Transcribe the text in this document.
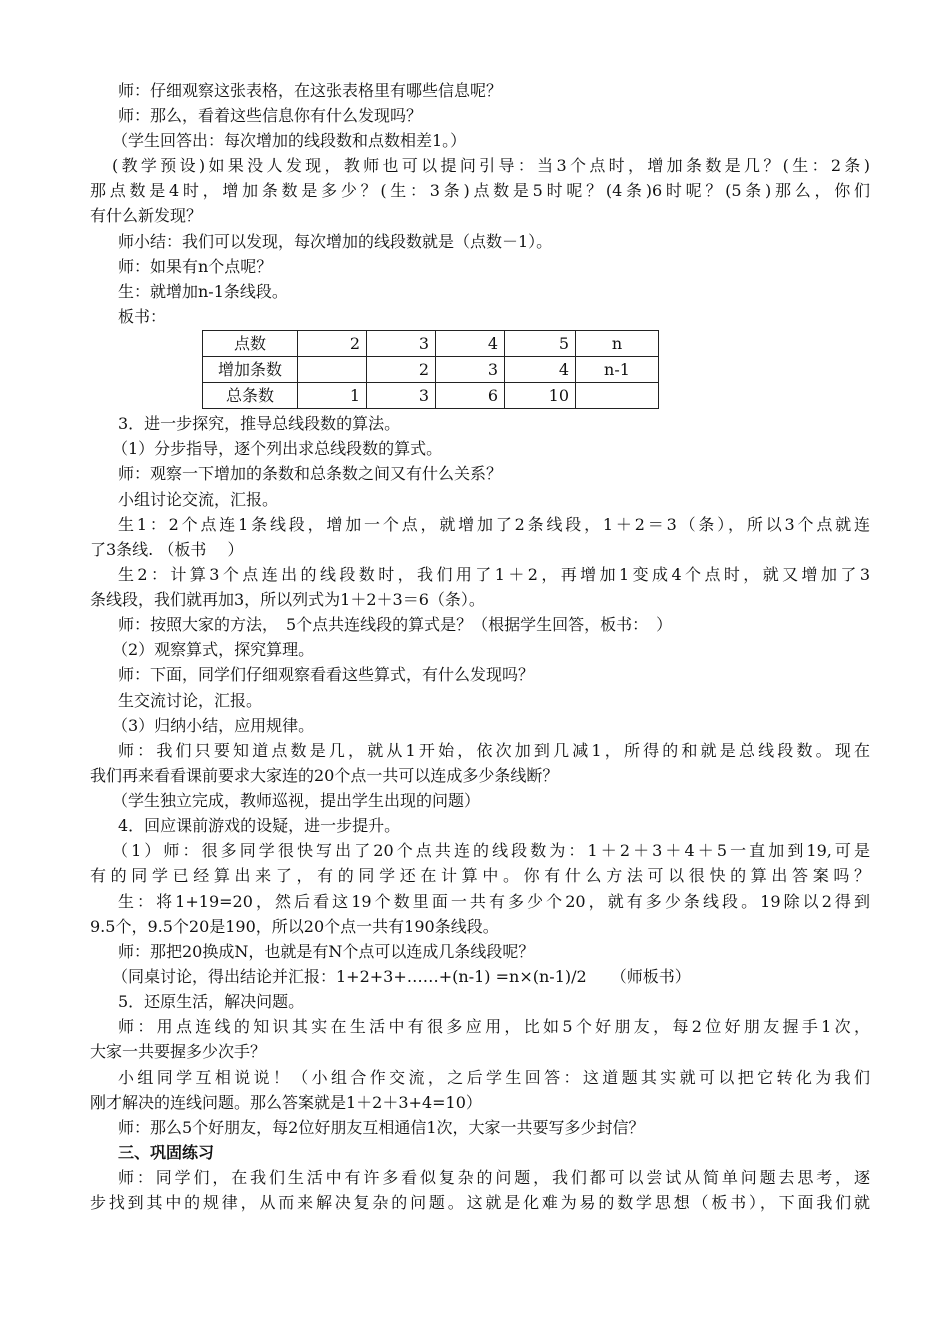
师：仔细观察这张表格，在这张表格里有哪些信息呢？
师：那么，看着这些信息你有什么发现吗？
（学生回答出：每次增加的线段数和点数相差1。）
(教学预设)如果没人发现，教师也可以提问引导：当3个点时，增加条数是几？(生：2条)
那点数是4时，增加条数是多少？(生：3条)点数是5时呢？(4条)6时呢？(5条)那么，你们
有什么新发现？
师小结：我们可以发现，每次增加的线段数就是（点数－1）。
师：如果有n个点呢？
生：就增加n-1条线段。
板书：
点数	2	3	4	5	n
增加条数		2	3	4	n-1
总条数	1	3	6	10	
3．进一步探究，推导总线段数的算法。
（1）分步指导，逐个列出求总线段数的算式。
师：观察一下增加的条数和总条数之间又有什么关系？
小组讨论交流，汇报。
生1：2个点连1条线段，增加一个点，就增加了2条线段，1＋2＝3（条），所以3个点就连
了3条线. （板书　 ）
生2：计算3个点连出的线段数时，我们用了1＋2，再增加1变成4个点时，就又增加了3
条线段，我们就再加3，所以列式为1＋2＋3＝6（条）。
师：按照大家的方法，　5个点共连线段的算式是？（根据学生回答，板书：　）
（2）观察算式，探究算理。
师：下面，同学们仔细观察看看这些算式，有什么发现吗？
生交流讨论，汇报。
（3）归纳小结，应用规律。
师：我们只要知道点数是几，就从1开始，依次加到几减1，所得的和就是总线段数。现在
我们再来看看课前要求大家连的20个点一共可以连成多少条线断？
（学生独立完成，教师巡视，提出学生出现的问题）
4．回应课前游戏的设疑，进一步提升。
（1）师：很多同学很快写出了20个点共连的线段数为：1＋2＋3＋4＋5一直加到19,可是
有的同学已经算出来了，有的同学还在计算中。你有什么方法可以很快的算出答案吗？
生：将1+19=20，然后看这19个数里面一共有多少个20，就有多少条线段。19除以2得到
9.5个，9.5个20是190，所以20个点一共有190条线段。
师：那把20换成N，也就是有N个点可以连成几条线段呢？
（同桌讨论，得出结论并汇报：1+2+3+……+(n-1) =n×(n-1)/2　　（师板书）
5．还原生活，解决问题。
师：用点连线的知识其实在生活中有很多应用，比如5个好朋友，每2位好朋友握手1次，
大家一共要握多少次手？
小组同学互相说说！（小组合作交流，之后学生回答：这道题其实就可以把它转化为我们
刚才解决的连线问题。那么答案就是1＋2＋3+4=10）
师：那么5个好朋友，每2位好朋友互相通信1次，大家一共要写多少封信？
三、巩固练习
师：同学们，在我们生活中有许多看似复杂的问题，我们都可以尝试从简单问题去思考，逐
步找到其中的规律，从而来解决复杂的问题。这就是化难为易的数学思想（板书），下面我们就
